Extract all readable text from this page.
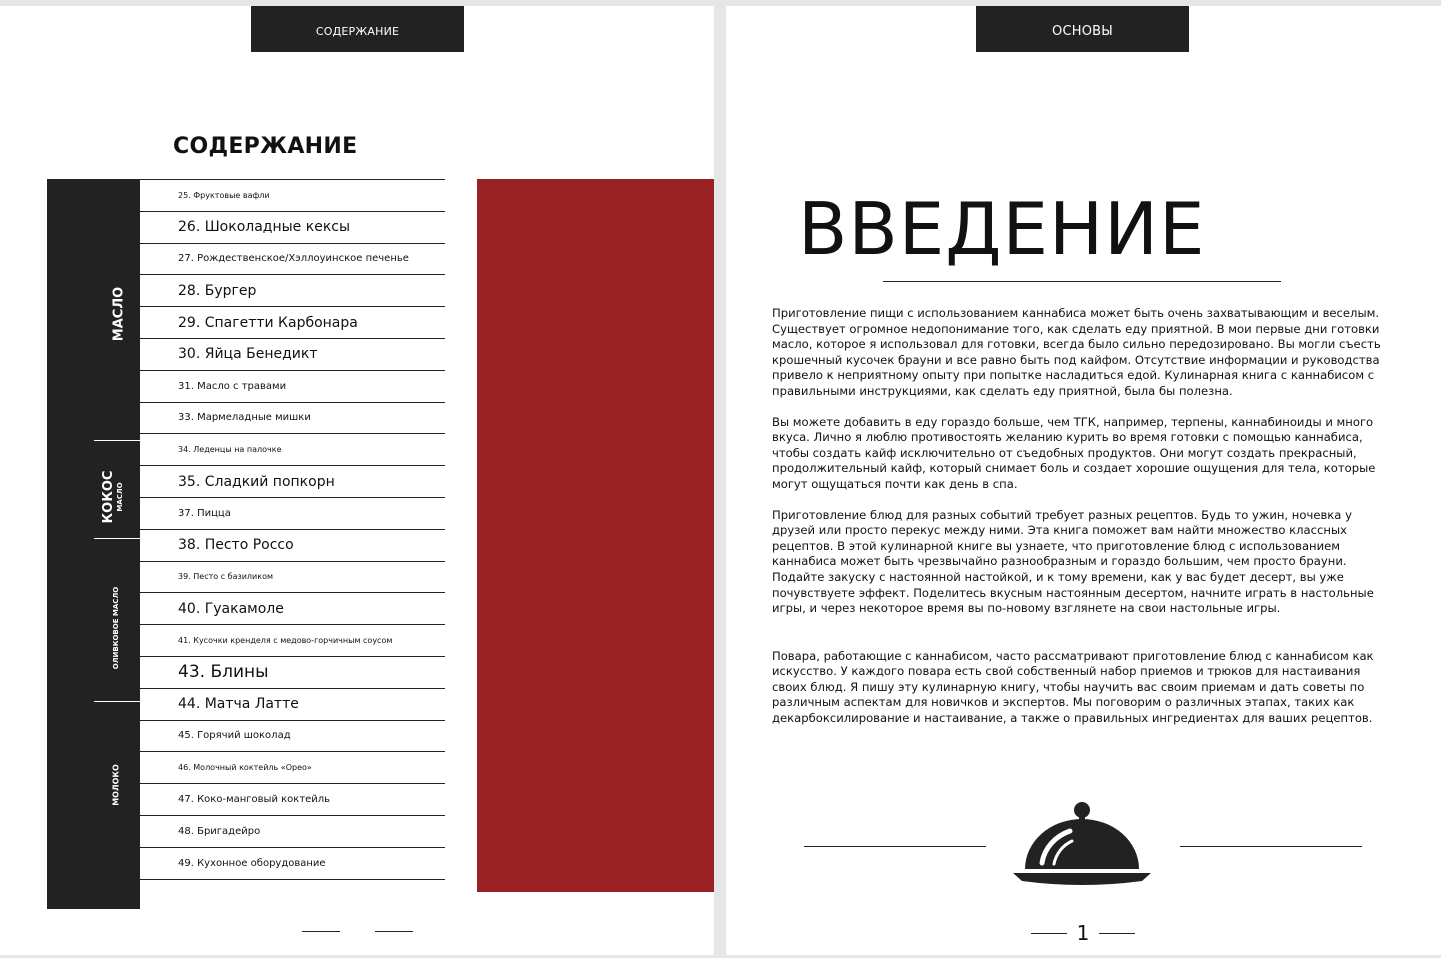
СОДЕРЖАНИЕ
СОДЕРЖАНИЕ
МАСЛО
КОКОС МАСЛО
ОЛИВКОВОЕ МАСЛО
МОЛОКО
25. Фруктовые вафли
26. Шоколадные кексы
27. Рождественское/Хэллоуинское печенье
28. Бургер
29. Спагетти Карбонара
30. Яйца Бенедикт
31. Масло с травами
33. Мармеладные мишки
34. Леденцы на палочке
35. Сладкий попкорн
37. Пицца
38. Песто Россо
39. Песто с базиликом
40. Гуакамоле
41. Кусочки кренделя с медово-горчичным соусом
43. Блины
44. Матча Латте
45. Горячий шоколад
46. Молочный коктейль «Орео»
47. Коко-манговый коктейль
48. Бригадейро
49. Кухонное оборудование
ОСНОВЫ
ВВЕДЕНИЕ

Приготовление пищи с использованием каннабиса может быть очень захватывающим и веселым. Существует огромное недопонимание того, как сделать еду приятной. В мои первые дни готовки масло, которое я использовал для готовки, всегда было сильно передозировано. Вы могли съесть крошечный кусочек брауни и все равно быть под кайфом. Отсутствие информации и руководства привело к неприятному опыту при попытке насладиться едой. Кулинарная книга с каннабисом с правильными инструкциями, как сделать еду приятной, была бы полезна.

Вы можете добавить в еду гораздо больше, чем ТГК, например, терпены, каннабиноиды и много вкуса. Лично я люблю противостоять желанию курить во время готовки с помощью каннабиса, чтобы создать кайф исключительно от съедобных продуктов. Они могут создать прекрасный, продолжительный кайф, который снимает боль и создает хорошие ощущения для тела, которые могут ощущаться почти как день в спа.

Приготовление блюд для разных событий требует разных рецептов. Будь то ужин, ночевка у друзей или просто перекус между ними. Эта книга поможет вам найти множество классных рецептов. В этой кулинарной книге вы узнаете, что приготовление блюд с использованием каннабиса может быть чрезвычайно разнообразным и гораздо большим, чем просто брауни. Подайте закуску с настоянной настойкой, и к тому времени, как у вас будет десерт, вы уже почувствуете эффект. Поделитесь вкусным настоянным десертом, начните играть в настольные игры, и через некоторое время вы по-новому взглянете на свои настольные игры.

Повара, работающие с каннабисом, часто рассматривают приготовление блюд с каннабисом как искусство. У каждого повара есть свой собственный набор приемов и трюков для настаивания своих блюд. Я пишу эту кулинарную книгу, чтобы научить вас своим приемам и дать советы по различным аспектам для новичков и экспертов. Мы поговорим о различных этапах, таких как декарбоксилирование и настаивание, а также о правильных ингредиентах для ваших рецептов.

1
